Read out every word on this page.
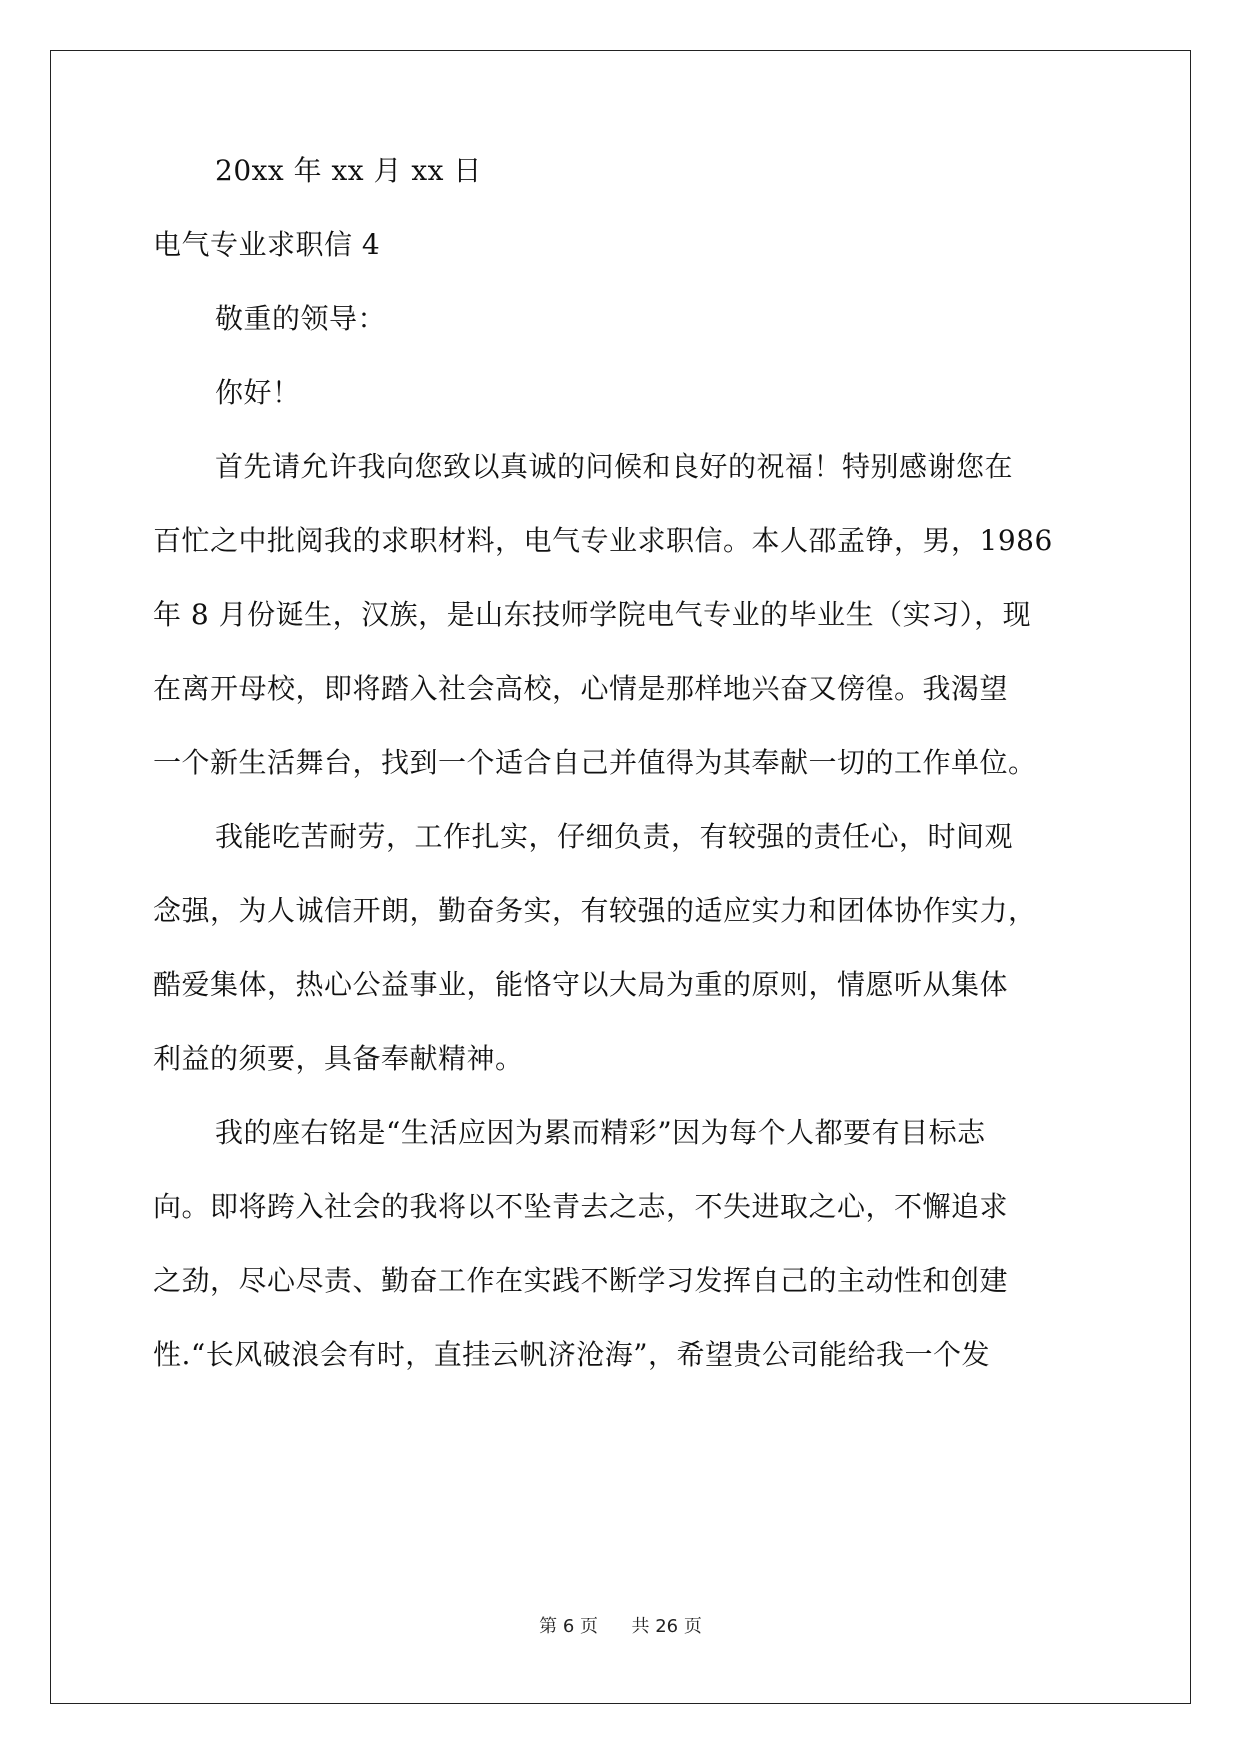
20xx 年 xx 月 xx 日
电气专业求职信 4
敬重的领导：
你好！
首先请允许我向您致以真诚的问候和良好的祝福！特别感谢您在
百忙之中批阅我的求职材料，电气专业求职信。本人邵孟铮，男，1986
年 8 月份诞生，汉族，是山东技师学院电气专业的毕业生（实习），现
在离开母校，即将踏入社会高校，心情是那样地兴奋又傍徨。我渴望
一个新生活舞台，找到一个适合自己并值得为其奉献一切的工作单位。
我能吃苦耐劳，工作扎实，仔细负责，有较强的责任心，时间观
念强，为人诚信开朗，勤奋务实，有较强的适应实力和团体协作实力，
酷爱集体，热心公益事业，能恪守以大局为重的原则，情愿听从集体
利益的须要，具备奉献精神。
我的座右铭是“生活应因为累而精彩”因为每个人都要有目标志
向。即将跨入社会的我将以不坠青去之志，不失进取之心，不懈追求
之劲，尽心尽责、勤奋工作在实践不断学习发挥自己的主动性和创建
性.“长风破浪会有时，直挂云帆济沧海”，希望贵公司能给我一个发
第 6 页 共 26 页
